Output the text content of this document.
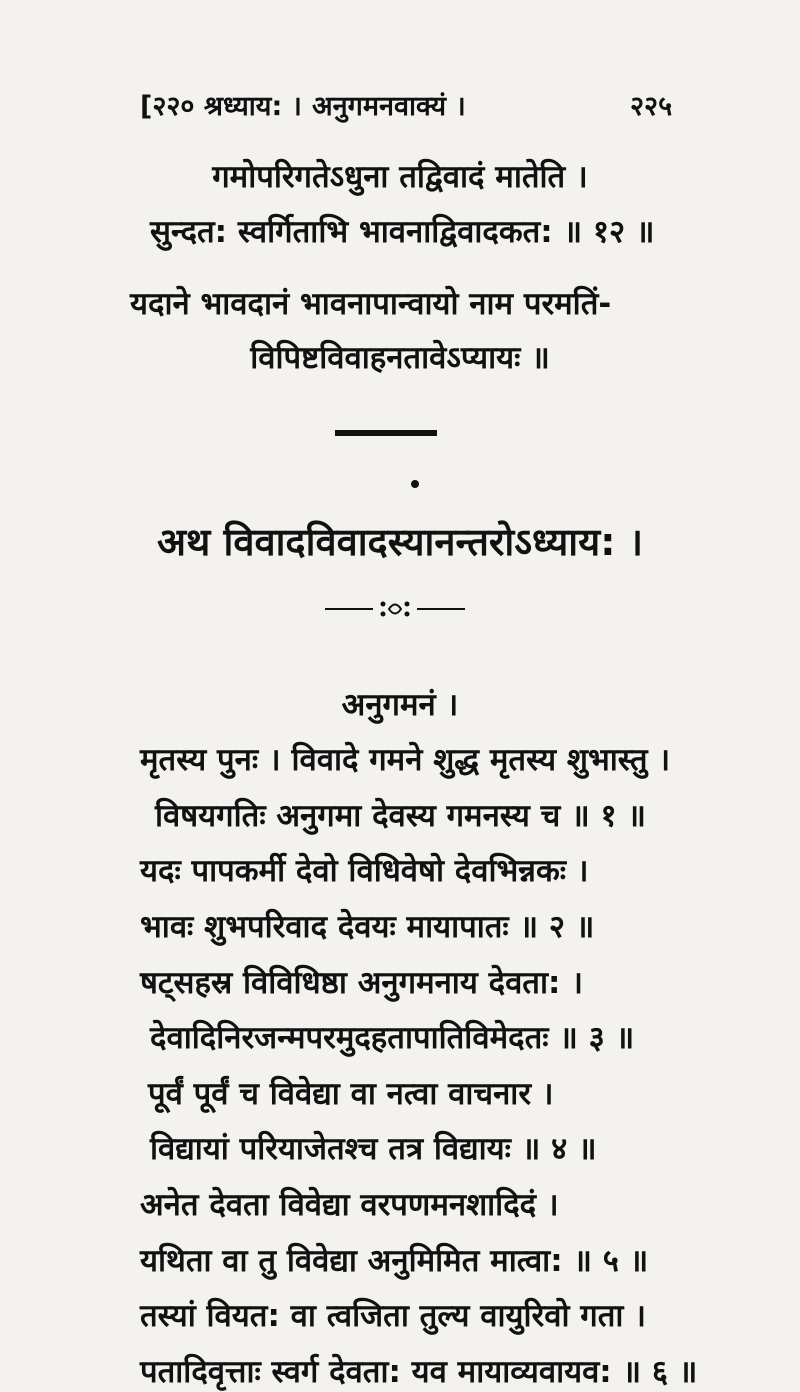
[२२० श्रध्याय: । अनुगमनवाक्यं ।	२२५
गमोपरिगतेऽधुना तद्विवादं मातेति ।
सुन्दत: स्वर्गिताभि भावनाद्विवादकत: ॥ १२ ॥
यदाने भावदानं भावनापान्वायो नाम परमतिं-
विपिष्टविवाहनतावेऽप्यायः ॥
अथ विवादविवादस्यानन्तरोऽध्याय: ।
अनुगमनं ।
मृतस्य पुनः । विवादे गमने शुद्ध मृतस्य शुभास्तु ।
विषयगतिः अनुगमा देवस्य गमनस्य च ॥ १ ॥
यदः पापकर्मी देवो विधिवेषो देवभिन्नकः ।
भावः शुभपरिवाद देवयः मायापातः ॥ २ ॥
षट्सहस्र विविधिष्ठा अनुगमनाय देवता: ।
देवादिनिरजन्मपरमुदहतापातिविमेदतः ॥ ३ ॥
पूर्वं पूर्वं च विवेद्या वा नत्वा वाचनार ।
विद्यायां परियाजेतश्च तत्र विद्यायः ॥ ४ ॥
अनेत देवता विवेद्या वरपणमनशादिदं ।
यथिता वा तु विवेद्या अनुमिमित मात्वा: ॥ ५ ॥
तस्यां वियत: वा त्वजिता तुल्य वायुरिवो गता ।
पतादिवृत्ताः स्वर्ग देवता: यव मायाव्यवायव: ॥ ६ ॥
